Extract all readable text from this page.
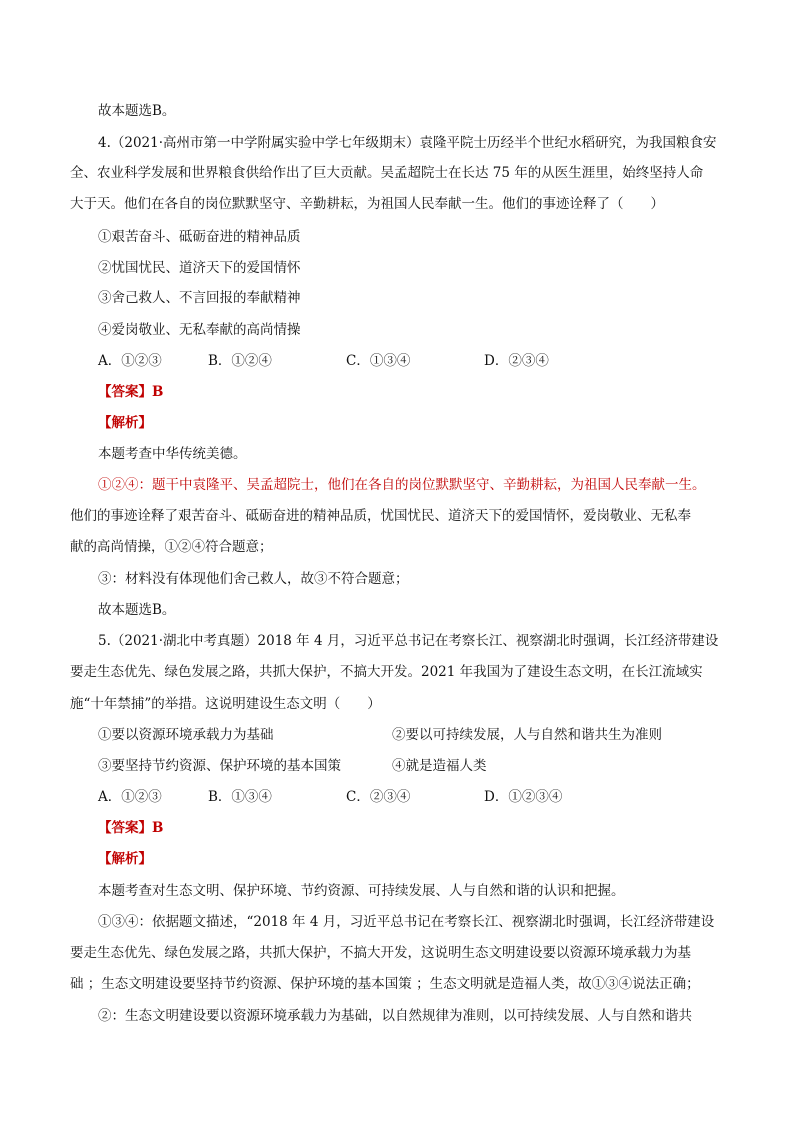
故本题选B。
4.（2021·高州市第一中学附属实验中学七年级期末）袁隆平院士历经半个世纪水稻研究，为我国粮食安
全、农业科学发展和世界粮食供给作出了巨大贡献。吴孟超院士在长达 75 年的从医生涯里，始终坚持人命
大于天。他们在各自的岗位默默坚守、辛勤耕耘，为祖国人民奉献一生。他们的事迹诠释了（　　）
①艰苦奋斗、砥砺奋进的精神品质
②忧国忧民、道济天下的爱国情怀
③舍己救人、不言回报的奉献精神
④爱岗敬业、无私奉献的高尚情操
A．①②③	B．①②④	C．①③④	D．②③④
【答案】B
【解析】
本题考查中华传统美德。
①②④：题干中袁隆平、吴孟超院士，他们在各自的岗位默默坚守、辛勤耕耘，为祖国人民奉献一生。
他们的事迹诠释了艰苦奋斗、砥砺奋进的精神品质，忧国忧民、道济天下的爱国情怀，爱岗敬业、无私奉
献的高尚情操，①②④符合题意；
③：材料没有体现他们舍己救人，故③不符合题意；
故本题选B。
5.（2021·湖北中考真题）2018 年 4 月，习近平总书记在考察长江、视察湖北时强调，长江经济带建设
要走生态优先、绿色发展之路，共抓大保护，不搞大开发。2021 年我国为了建设生态文明，在长江流域实
施“十年禁捕”的举措。这说明建设生态文明（　　）
①要以资源环境承载力为基础	②要以可持续发展，人与自然和谐共生为准则
③要坚持节约资源、保护环境的基本国策	④就是造福人类
A．①②③	B．①③④	C．②③④	D．①②③④
【答案】B
【解析】
本题考查对生态文明、保护环境、节约资源、可持续发展、人与自然和谐的认识和把握。
①③④：依据题文描述，“2018 年 4 月，习近平总书记在考察长江、视察湖北时强调，长江经济带建设
要走生态优先、绿色发展之路，共抓大保护，不搞大开发，这说明生态文明建设要以资源环境承载力为基
础 ；生态文明建设要坚持节约资源、保护环境的基本国策 ；生态文明就是造福人类，故①③④说法正确；
②：生态文明建设要以资源环境承载力为基础，以自然规律为准则，以可持续发展、人与自然和谐共
